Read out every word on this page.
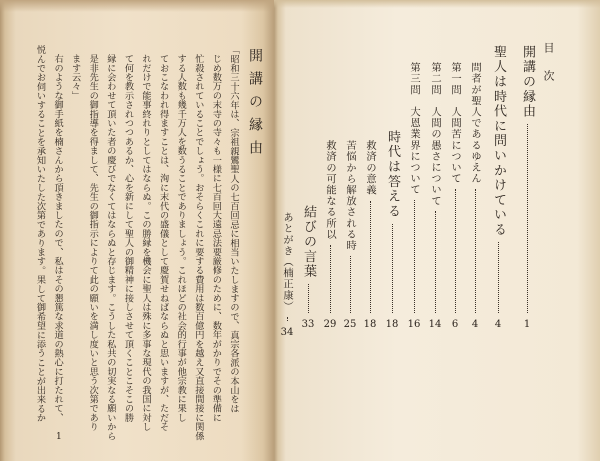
開講の縁由
「昭和三十六年は、宗祖親鸞聖人の七百回忌に相当いたしますので、真宗各派の本山をは
じめ数万の末寺の寺々も一様に七百回大遠忌法要厳修のために、数年がかりでその準備に
忙殺されていることでしょう。おそらくこれに要する費用は数百億円を越え又直接間接に関係
する人数も幾千万人を数うることでありましょう。これほどの社会的行事が他宗教に果し
ておこなわれ得ますことは、洵に末代の盛儀として慶賀せねばならぬと思いますが、ただそ
れだけで能事終れりとしてはならぬ。この勝縁を機会に聖人は殊に多事な現代の我国に対し
て何を教示されつつあるか、心を新にして聖人の御精神に接しさせて頂くことこそこの勝
縁に会わせて頂いた者の慶びでなくてはならぬと存じます。こうした私共の切実なる願いから
是非先生の御指導を得まして、先生の御指示によりて此の願いを満し度いと思う次第であり
ます云々」
右のような御手紙を楠さんから頂きましたので、私はその懇篤な求道の熱心に打たれて、
悦んでお伺いすることを承知いたした次第であります。果して御希望に添うことが出来るか
1
目　次
開講の縁由
1
聖人は時代に問いかけている
4
問者が聖人であるゆえん
4
第一問　人間苦について
6
第二問　人間の愚さについて
14
第三問　大恩業界について
16
時代は答える
18
救済の意義
18
苦悩から解放される時
25
救済の可能なる所以
29
結びの言葉
33
あとがき（楠正康）
34
